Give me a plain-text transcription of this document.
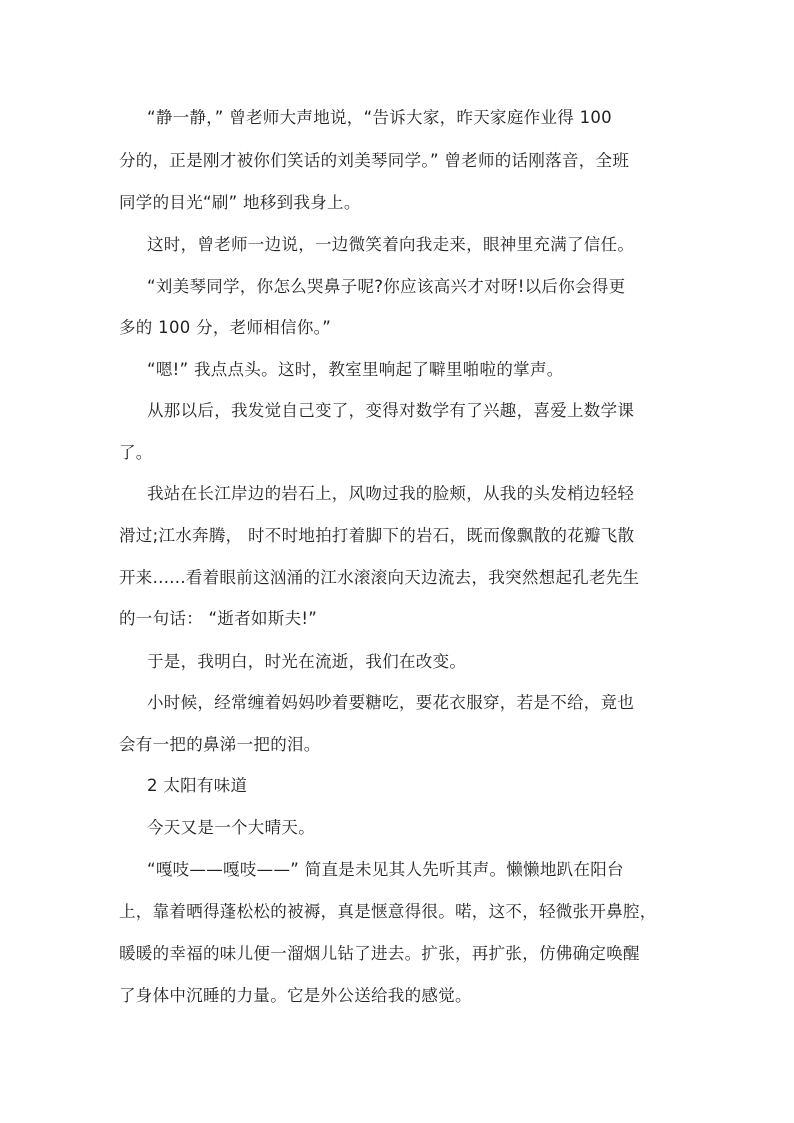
“静一静，” 曾老师大声地说，“告诉大家，昨天家庭作业得 100
分的，正是刚才被你们笑话的刘美琴同学。” 曾老师的话刚落音，全班
同学的目光“刷” 地移到我身上。
这时，曾老师一边说，一边微笑着向我走来，眼神里充满了信任。
“刘美琴同学，你怎么哭鼻子呢?你应该高兴才对呀!以后你会得更
多的 100 分，老师相信你。”
“嗯!” 我点点头。这时，教室里响起了噼里啪啦的掌声。
从那以后，我发觉自己变了，变得对数学有了兴趣，喜爱上数学课
了。
我站在长江岸边的岩石上，风吻过我的脸颊，从我的头发梢边轻轻
滑过;江水奔腾， 时不时地拍打着脚下的岩石，既而像飘散的花瓣飞散
开来......看着眼前这汹涌的江水滚滚向天边流去，我突然想起孔老先生
的一句话： “逝者如斯夫!”
于是，我明白，时光在流逝，我们在改变。
小时候，经常缠着妈妈吵着要糖吃，要花衣服穿，若是不给，竟也
会有一把的鼻涕一把的泪。
2 太阳有味道
今天又是一个大晴天。
“嘎吱——嘎吱——” 简直是未见其人先听其声。懒懒地趴在阳台
上，靠着晒得蓬松松的被褥，真是惬意得很。喏，这不，轻微张开鼻腔，
暖暖的幸福的味儿便一溜烟儿钻了进去。扩张，再扩张，仿佛确定唤醒
了身体中沉睡的力量。它是外公送给我的感觉。
